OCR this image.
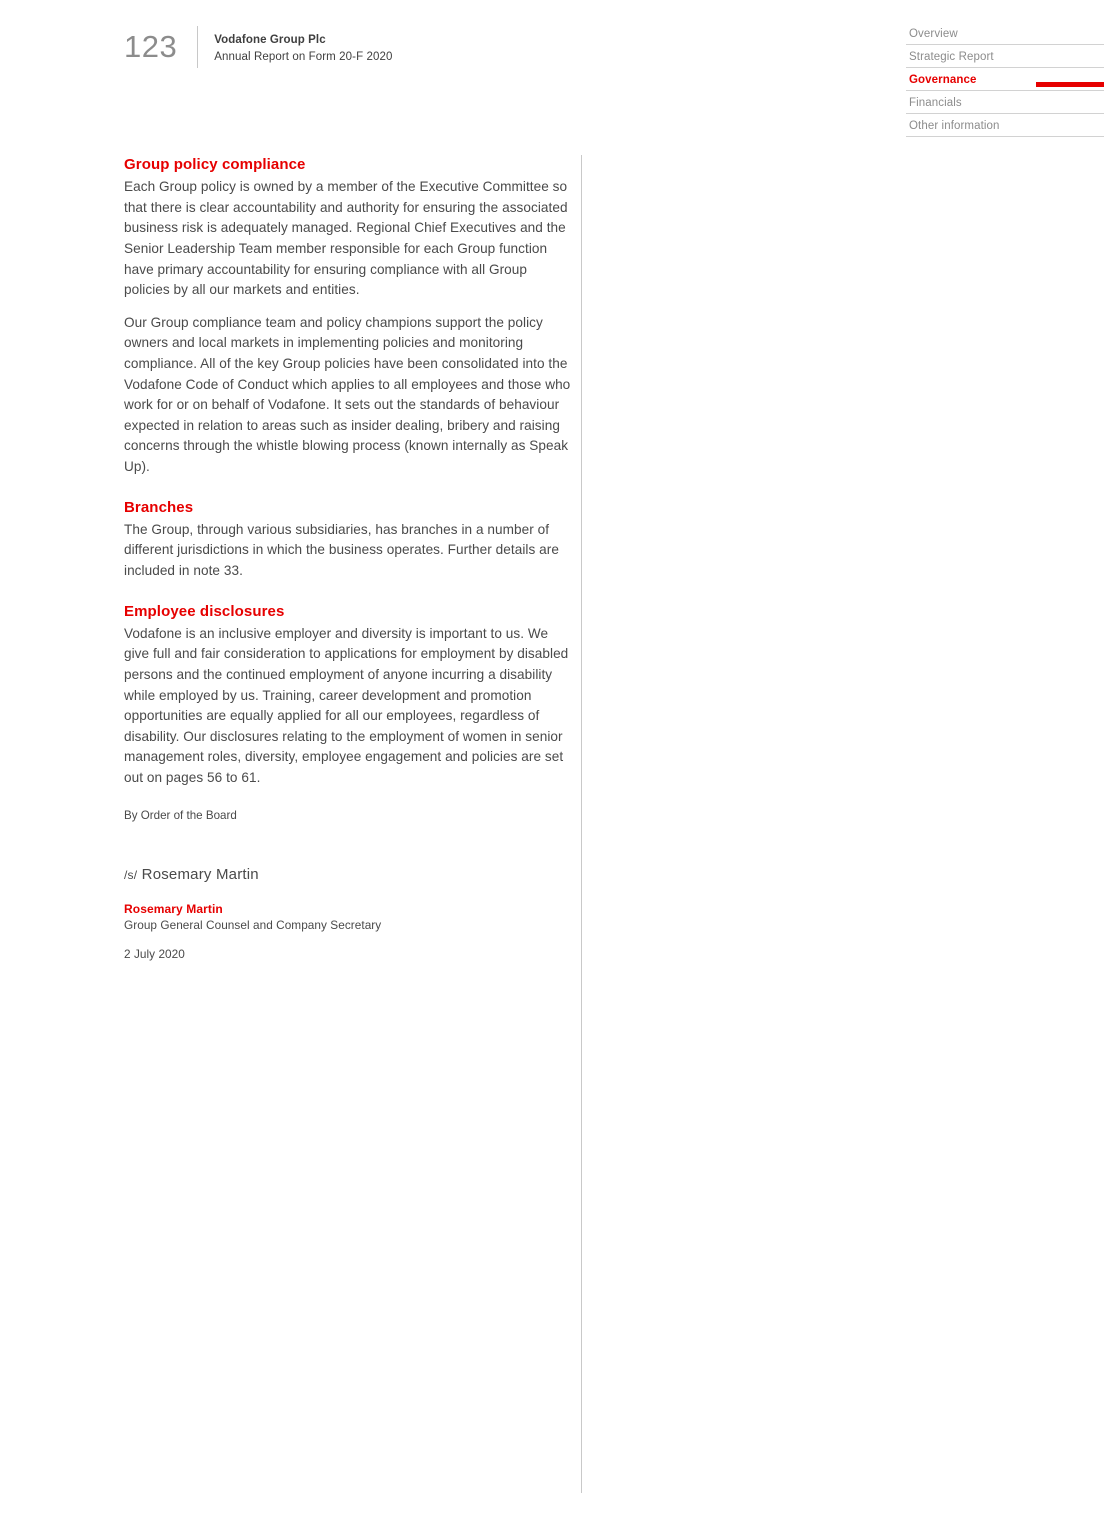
123	Vodafone Group Plc
Annual Report on Form 20-F 2020
Overview
Strategic Report
Governance
Financials
Other information
Group policy compliance

Each Group policy is owned by a member of the Executive Committee so that there is clear accountability and authority for ensuring the associated business risk is adequately managed. Regional Chief Executives and the Senior Leadership Team member responsible for each Group function have primary accountability for ensuring compliance with all Group policies by all our markets and entities.

Our Group compliance team and policy champions support the policy owners and local markets in implementing policies and monitoring compliance. All of the key Group policies have been consolidated into the Vodafone Code of Conduct which applies to all employees and those who work for or on behalf of Vodafone. It sets out the standards of behaviour expected in relation to areas such as insider dealing, bribery and raising concerns through the whistle blowing process (known internally as Speak Up).

Branches

The Group, through various subsidiaries, has branches in a number of different jurisdictions in which the business operates. Further details are included in note 33.

Employee disclosures

Vodafone is an inclusive employer and diversity is important to us. We give full and fair consideration to applications for employment by disabled persons and the continued employment of anyone incurring a disability while employed by us. Training, career development and promotion opportunities are equally applied for all our employees, regardless of disability. Our disclosures relating to the employment of women in senior management roles, diversity, employee engagement and policies are set out on pages 56 to 61.

By Order of the Board

/s/ Rosemary Martin

Rosemary Martin

Group General Counsel and Company Secretary

2 July 2020
